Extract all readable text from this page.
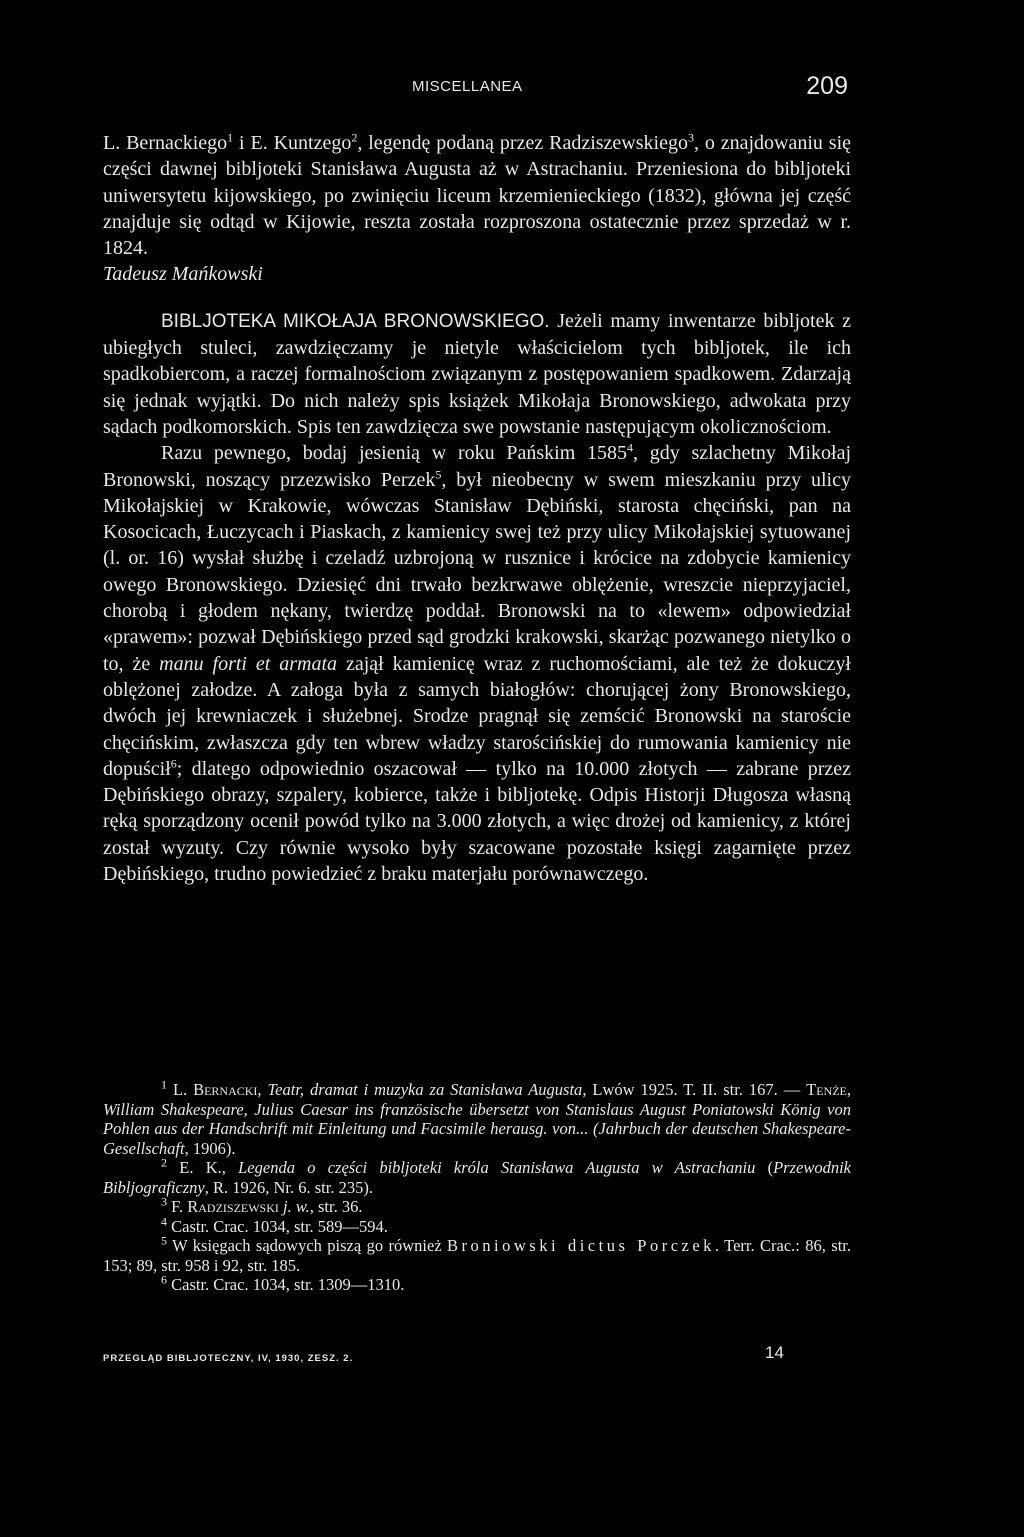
MISCELLANEA	209

L. Bernackiego$^1$ i E. Kuntzego$^2$, legendę podaną przez Radziszewskiego$^3$, o znajdowaniu się części dawnej bibljoteki Stanisława Augusta aż w Astrachaniu. Przeniesiona do bibljoteki uniwersytetu kijowskiego, po zwinięciu liceum krzemienieckiego (1832), główna jej część znajduje się odtąd w Kijowie, reszta została rozproszona ostatecznie przez sprzedaż w r. 1824.

Tadeusz Mańkowski

BIBLJOTEKA MIKOŁAJA BRONOWSKIEGO. Jeżeli mamy inwentarze bibljotek z ubiegłych stuleci, zawdzięczamy je nietyle właścicielom tych bibljotek, ile ich spadkobiercom, a raczej formalnościom związanym z postępowaniem spadkowem. Zdarzają się jednak wyjątki. Do nich należy spis książek Mikołaja Bronowskiego, adwokata przy sądach podkomorskich. Spis ten zawdzięcza swe powstanie następującym okolicznościom.

Razu pewnego, bodaj jesienią w roku Pańskim 1585$^4$, gdy szlachetny Mikołaj Bronowski, noszący przezwisko Perzek$^5$, był nieobecny w swem mieszkaniu przy ulicy Mikołajskiej w Krakowie, wówczas Stanisław Dębiński, starosta chęciński, pan na Kosocicach, Łuczycach i Piaskach, z kamienicy swej też przy ulicy Mikołajskiej sytuowanej (l. or. 16) wysłał służbę i czeladź uzbrojoną w rusznice i krócice na zdobycie kamienicy owego Bronowskiego. Dziesięć dni trwało bezkrwawe oblężenie, wreszcie nieprzyjaciel, chorobą i głodem nękany, twierdzę poddał. Bronowski na to «lewem» odpowiedział «prawem»: pozwał Dębińskiego przed sąd grodzki krakowski, skarżąc pozwanego nietylko o to, że manu forti et armata zajął kamienicę wraz z ruchomościami, ale też że dokuczył oblężonej załodze. A załoga była z samych białogłów: chorującej żony Bronowskiego, dwóch jej krewniaczek i służebnej. Srodze pragnął się zemścić Bronowski na staroście chęcińskim, zwłaszcza gdy ten wbrew władzy starościńskiej do rumowania kamienicy nie dopuścił$^6$; dlatego odpowiednio oszacował — tylko na 10.000 złotych — zabrane przez Dębińskiego obrazy, szpalery, kobierce, także i bibljotekę. Odpis Historji Długosza własną ręką sporządzony ocenił powód tylko na 3.000 złotych, a więc drożej od kamienicy, z której został wyzuty. Czy równie wysoko były szacowane pozostałe księgi zagarnięte przez Dębińskiego, trudno powiedzieć z braku materjału porównawczego.

$^1$ L. Bernacki, Teatr, dramat i muzyka za Stanisława Augusta, Lwów 1925. T. II. str. 167. — Tenże, William Shakespeare, Julius Caesar ins französische übersetzt von Stanislaus August Poniatowski König von Pohlen aus der Handschrift mit Einleitung und Facsimile herausg. von... (Jahrbuch der deutschen Shakespeare-Gesellschaft, 1906).

$^2$ E. K., Legenda o części bibljoteki króla Stanisława Augusta w Astrachaniu (Przewodnik Bibljograficzny, R. 1926, Nr. 6. str. 235).

$^3$ F. Radziszewski j. w., str. 36.

$^4$ Castr. Crac. 1034, str. 589—594.

$^5$ W księgach sądowych piszą go również Broniowski dictus Porczek. Terr. Crac.: 86, str. 153; 89, str. 958 i 92, str. 185.

$^6$ Castr. Crac. 1034, str. 1309—1310.

PRZEGLĄD BIBLJOTECZNY, IV, 1930, ZESZ. 2.	14
